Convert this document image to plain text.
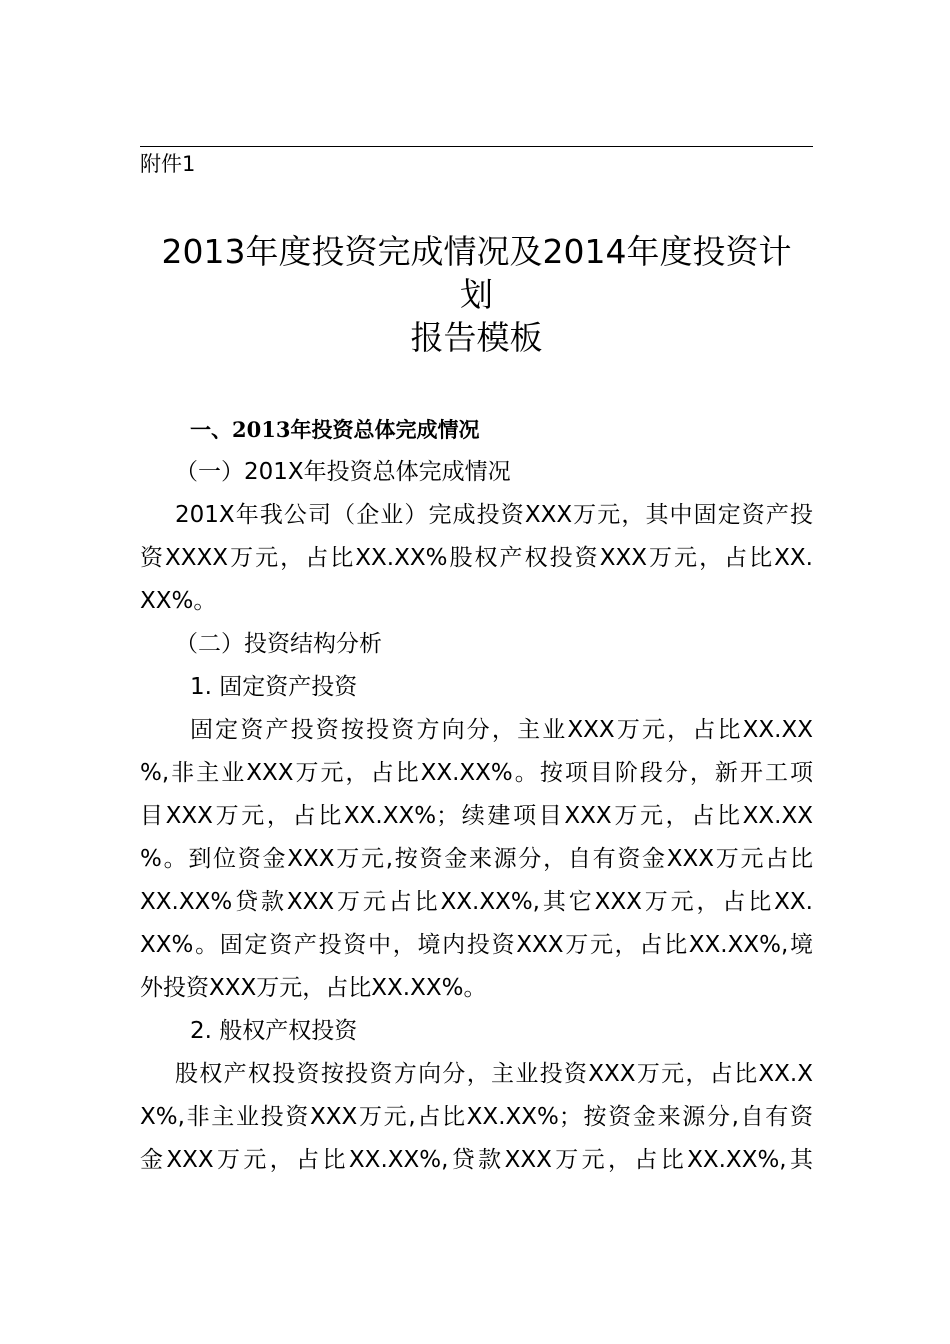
附件1
2013年度投资完成情况及2014年度投资计
划
报告模板
一、2013年投资总体完成情况
（一）201X年投资总体完成情况
201X年我公司（企业）完成投资XXX万元，其中固定资产投
资XXXX万元，占比XX.XX%股权产权投资XXX万元，占比XX.
XX%。
（二）投资结构分析
1. 固定资产投资
固定资产投资按投资方向分，主业XXX万元，占比XX.XX
%,非主业XXX万元，占比XX.XX%。按项目阶段分，新开工项
目XXX万元，占比XX.XX%；续建项目XXX万元，占比XX.XX
%。到位资金XXX万元,按资金来源分，自有资金XXX万元占比
XX.XX%贷款XXX万元占比XX.XX%,其它XXX万元，占比XX.
XX%。固定资产投资中，境内投资XXX万元，占比XX.XX%,境
外投资XXX万元，占比XX.XX%。
2. 般权产权投资
股权产权投资按投资方向分，主业投资XXX万元，占比XX.X
X%,非主业投资XXX万元,占比XX.XX%；按资金来源分,自有资
金XXX万元，占比XX.XX%,贷款XXX万元，占比XX.XX%,其
